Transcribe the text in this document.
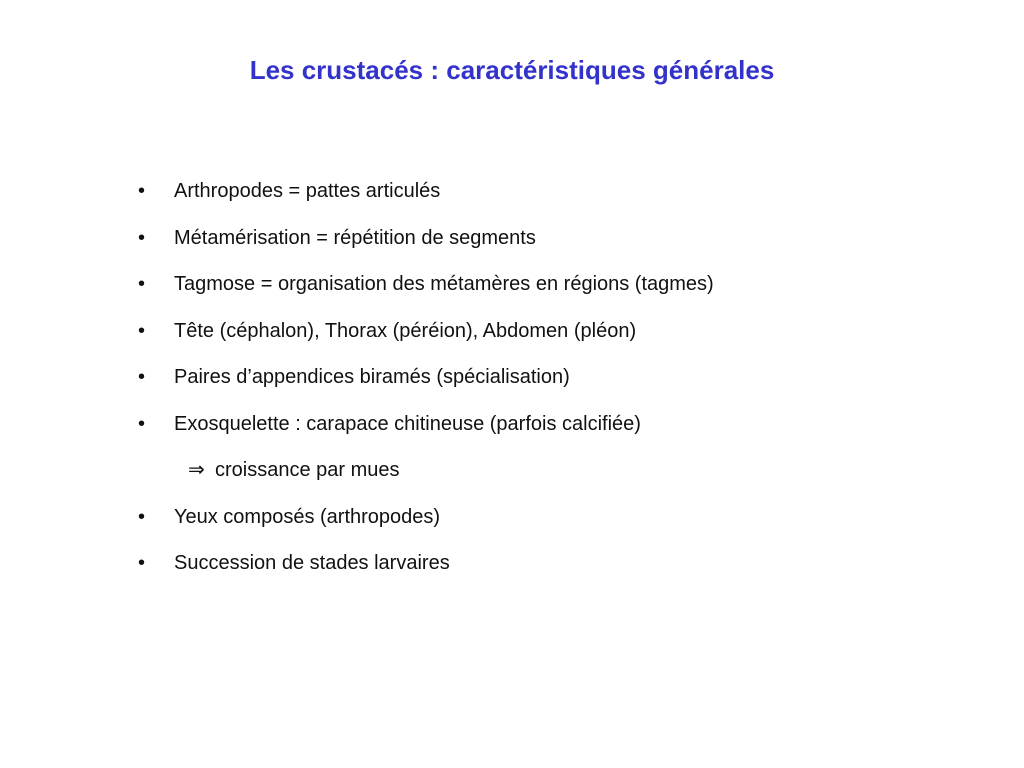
Les crustacés : caractéristiques générales
•	Arthropodes = pattes articulés
•	Métamérisation = répétition de segments
•	Tagmose = organisation des métamères en régions (tagmes)
•	Tête (céphalon), Thorax (péréion), Abdomen (pléon)
•	Paires d’appendices biramés (spécialisation)
•	Exosquelette : carapace chitineuse (parfois calcifiée)
⇒ croissance par mues
•	Yeux composés (arthropodes)
•	Succession de stades larvaires
